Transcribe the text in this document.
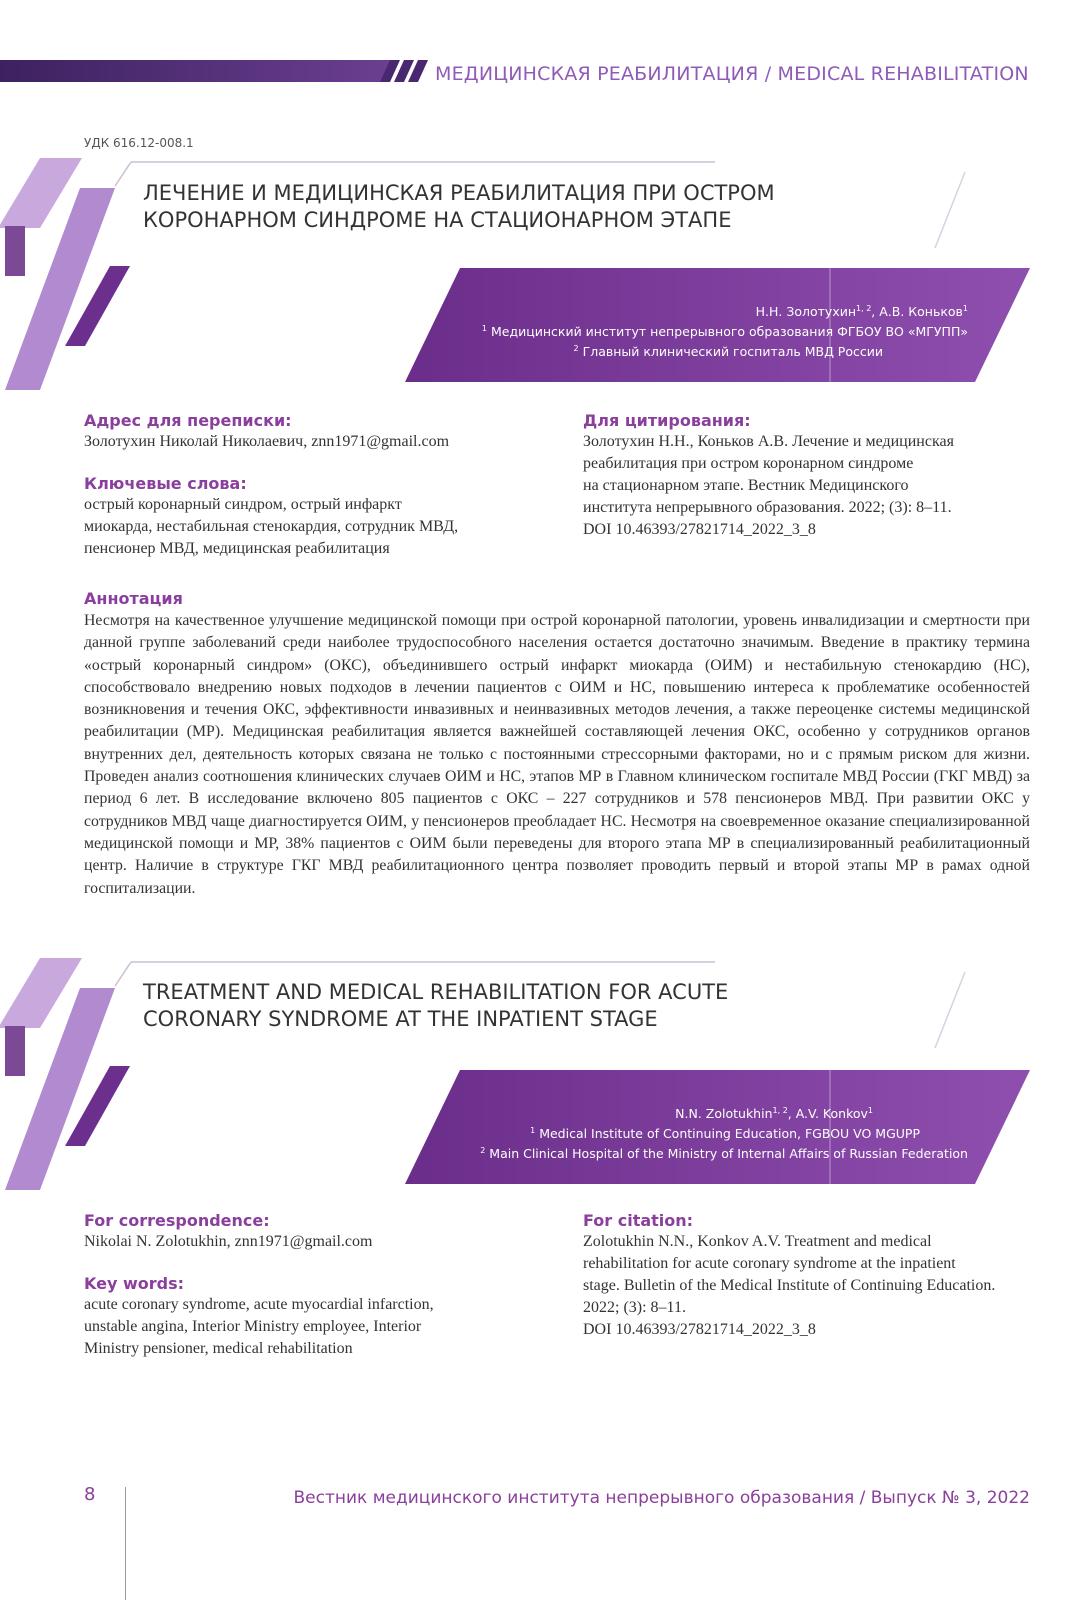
МЕДИЦИНСКАЯ РЕАБИЛИТАЦИЯ / MEDICAL REHABILITATION
УДК 616.12-008.1
ЛЕЧЕНИЕ И МЕДИЦИНСКАЯ РЕАБИЛИТАЦИЯ ПРИ ОСТРОМ
КОРОНАРНОМ СИНДРОМЕ НА СТАЦИОНАРНОМ ЭТАПЕ
Н.Н. Золотухин$^{1, 2}$, А.В. Коньков$^1$
$^1$ Медицинский институт непрерывного образования ФГБОУ ВО «МГУПП»
$^2$ Главный клинический госпиталь МВД России
Адрес для переписки:
Золотухин Николай Николаевич, znn1971@gmail.com
Ключевые слова:
острый коронарный синдром, острый инфаркт
миокарда, нестабильная стенокардия, сотрудник МВД,
пенсионер МВД, медицинская реабилитация
Для цитирования:
Золотухин Н.Н., Коньков А.В. Лечение и медицинская
реабилитация при остром коронарном синдроме
на стационарном этапе. Вестник Медицинского
института непрерывного образования. 2022; (3): 8–11.
DOI 10.46393/27821714_2022_3_8
Аннотация
Несмотря на качественное улучшение медицинской помощи при острой коронарной патологии, уровень инвалидизации и смертности при данной группе заболеваний среди наиболее трудоспособного населения остается достаточно значимым. Введение в практику термина «острый коронарный синдром» (ОКС), объединившего острый инфаркт миокарда (ОИМ) и нестабильную стенокардию (НС), способствовало внедрению новых подходов в лечении пациентов с ОИМ и НС, повышению интереса к проблематике особенностей возникновения и течения ОКС, эффективности инвазивных и неинвазивных методов лечения, а также переоценке системы медицинской реабилитации (МР). Медицинская реабилитация является важнейшей составляющей лечения ОКС, особенно у сотрудников органов внутренних дел, деятельность которых связана не только с постоянными стрессорными факторами, но и с прямым риском для жизни. Проведен анализ соотношения клинических случаев ОИМ и НС, этапов МР в Главном клиническом госпитале МВД России (ГКГ МВД) за период 6 лет. В исследование включено 805 пациентов с ОКС – 227 сотрудников и 578 пенсионеров МВД. При развитии ОКС у сотрудников МВД чаще диагностируется ОИМ, у пенсионеров преобладает НС. Несмотря на своевременное оказание специализированной медицинской помощи и МР, 38% пациентов с ОИМ были переведены для второго этапа МР в специализированный реабилитационный центр. Наличие в структуре ГКГ МВД реабилитационного центра позволяет проводить первый и второй этапы МР в рамах одной госпитализации.
TREATMENT AND MEDICAL REHABILITATION FOR ACUTE
CORONARY SYNDROME AT THE INPATIENT STAGE
N.N. Zolotukhin$^{1, 2}$, A.V. Konkov$^1$
$^1$ Medical Institute of Continuing Education, FGBOU VO MGUPP
$^2$ Main Clinical Hospital of the Ministry of Internal Affairs of Russian Federation
For correspondence:
Nikolai N. Zolotukhin, znn1971@gmail.com
Key words:
acute coronary syndrome, acute myocardial infarction,
unstable angina, Interior Ministry employee, Interior
Ministry pensioner, medical rehabilitation
For citation:
Zolotukhin N.N., Konkov A.V. Treatment and medical
rehabilitation for acute coronary syndrome at the inpatient
stage. Bulletin of the Medical Institute of Continuing Education.
2022; (3): 8–11.
DOI 10.46393/27821714_2022_3_8
8	Вестник медицинского института непрерывного образования / Выпуск № 3, 2022
